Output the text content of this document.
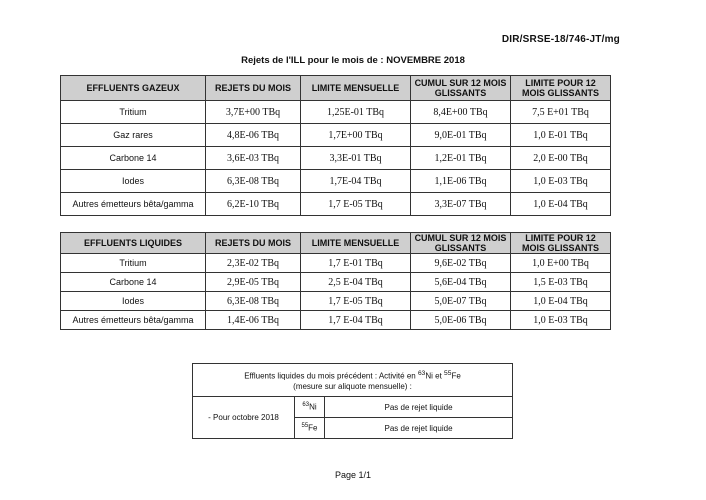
DIR/SRSE-18/746-JT/mg
Rejets de l'ILL pour le mois de : NOVEMBRE 2018
EFFLUENTS GAZEUX	REJETS DU MOIS	LIMITE MENSUELLE	CUMUL SUR 12 MOIS GLISSANTS	LIMITE POUR 12 MOIS GLISSANTS
Tritium	3,7E+00 TBq	1,25E-01 TBq	8,4E+00 TBq	7,5 E+01 TBq
Gaz rares	4,8E-06 TBq	1,7E+00 TBq	9,0E-01 TBq	1,0 E-01 TBq
Carbone 14	3,6E-03 TBq	3,3E-01 TBq	1,2E-01 TBq	2,0 E-00 TBq
Iodes	6,3E-08 TBq	1,7E-04 TBq	1,1E-06 TBq	1,0 E-03 TBq
Autres émetteurs bêta/gamma	6,2E-10 TBq	1,7 E-05 TBq	3,3E-07 TBq	1,0 E-04 TBq
EFFLUENTS LIQUIDES	REJETS DU MOIS	LIMITE MENSUELLE	CUMUL SUR 12 MOIS GLISSANTS	LIMITE POUR 12 MOIS GLISSANTS
Tritium	2,3E-02 TBq	1,7 E-01 TBq	9,6E-02 TBq	1,0 E+00 TBq
Carbone 14	2,9E-05 TBq	2,5 E-04 TBq	5,6E-04 TBq	1,5 E-03 TBq
Iodes	6,3E-08 TBq	1,7 E-05 TBq	5,0E-07 TBq	1,0 E-04 TBq
Autres émetteurs bêta/gamma	1,4E-06 TBq	1,7 E-04 TBq	5,0E-06 TBq	1,0 E-03 TBq
Effluents liquides du mois précédent : Activité en $^{63}$Ni et $^{55}$Fe
(mesure sur aliquote mensuelle) :		
- Pour octobre 2018	$^{63}$Ni	Pas de rejet liquide
	$^{55}$Fe	Pas de rejet liquide
Page 1/1
